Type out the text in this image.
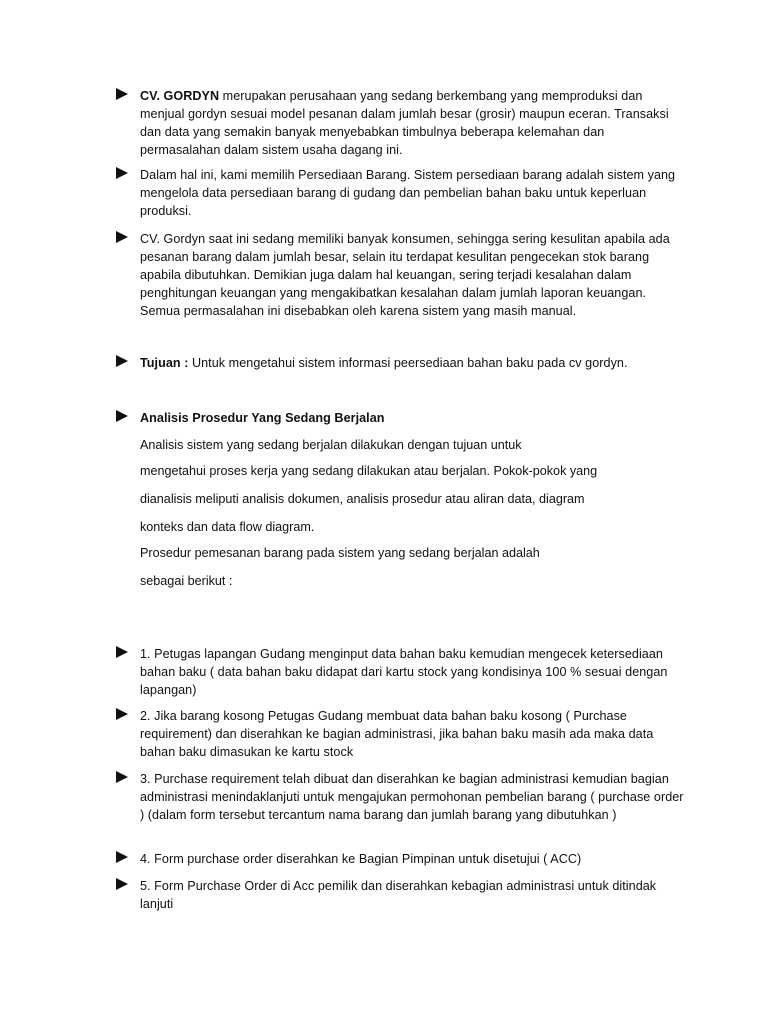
CV. GORDYN merupakan perusahaan yang sedang berkembang yang memproduksi dan menjual gordyn sesuai model pesanan dalam jumlah besar (grosir) maupun eceran. Transaksi dan data yang semakin banyak menyebabkan timbulnya beberapa kelemahan dan permasalahan dalam sistem usaha dagang ini.
Dalam hal ini, kami memilih Persediaan Barang. Sistem persediaan barang adalah sistem yang mengelola data persediaan barang di gudang dan pembelian bahan baku untuk keperluan produksi.
CV. Gordyn saat ini sedang memiliki banyak konsumen, sehingga sering kesulitan apabila ada pesanan barang dalam jumlah besar, selain itu terdapat kesulitan pengecekan stok barang apabila dibutuhkan. Demikian juga dalam hal keuangan, sering terjadi kesalahan dalam penghitungan keuangan yang mengakibatkan kesalahan dalam jumlah laporan keuangan. Semua permasalahan ini disebabkan oleh karena sistem yang masih manual.
Tujuan : Untuk mengetahui sistem informasi peersediaan bahan baku pada cv gordyn.
Analisis Prosedur Yang Sedang Berjalan
Analisis sistem yang sedang berjalan dilakukan dengan tujuan untuk
mengetahui proses kerja yang sedang dilakukan atau berjalan. Pokok-pokok yang
dianalisis meliputi analisis dokumen, analisis prosedur atau aliran data, diagram
konteks dan data flow diagram.
Prosedur pemesanan barang pada sistem yang sedang berjalan adalah
sebagai berikut :
1. Petugas lapangan Gudang menginput data bahan baku kemudian mengecek ketersediaan bahan baku ( data bahan baku didapat dari kartu stock yang kondisinya 100 % sesuai dengan lapangan)
2. Jika barang kosong Petugas Gudang membuat data bahan baku kosong ( Purchase requirement) dan diserahkan ke bagian administrasi, jika bahan baku masih ada maka data bahan baku dimasukan ke kartu stock
3. Purchase requirement telah dibuat dan diserahkan ke bagian administrasi kemudian bagian administrasi menindaklanjuti untuk mengajukan permohonan pembelian barang ( purchase order ) (dalam form tersebut tercantum nama barang dan jumlah barang yang dibutuhkan )
4. Form purchase order diserahkan ke Bagian Pimpinan untuk disetujui ( ACC)
5. Form Purchase Order di Acc pemilik dan diserahkan kebagian administrasi untuk ditindak lanjuti
